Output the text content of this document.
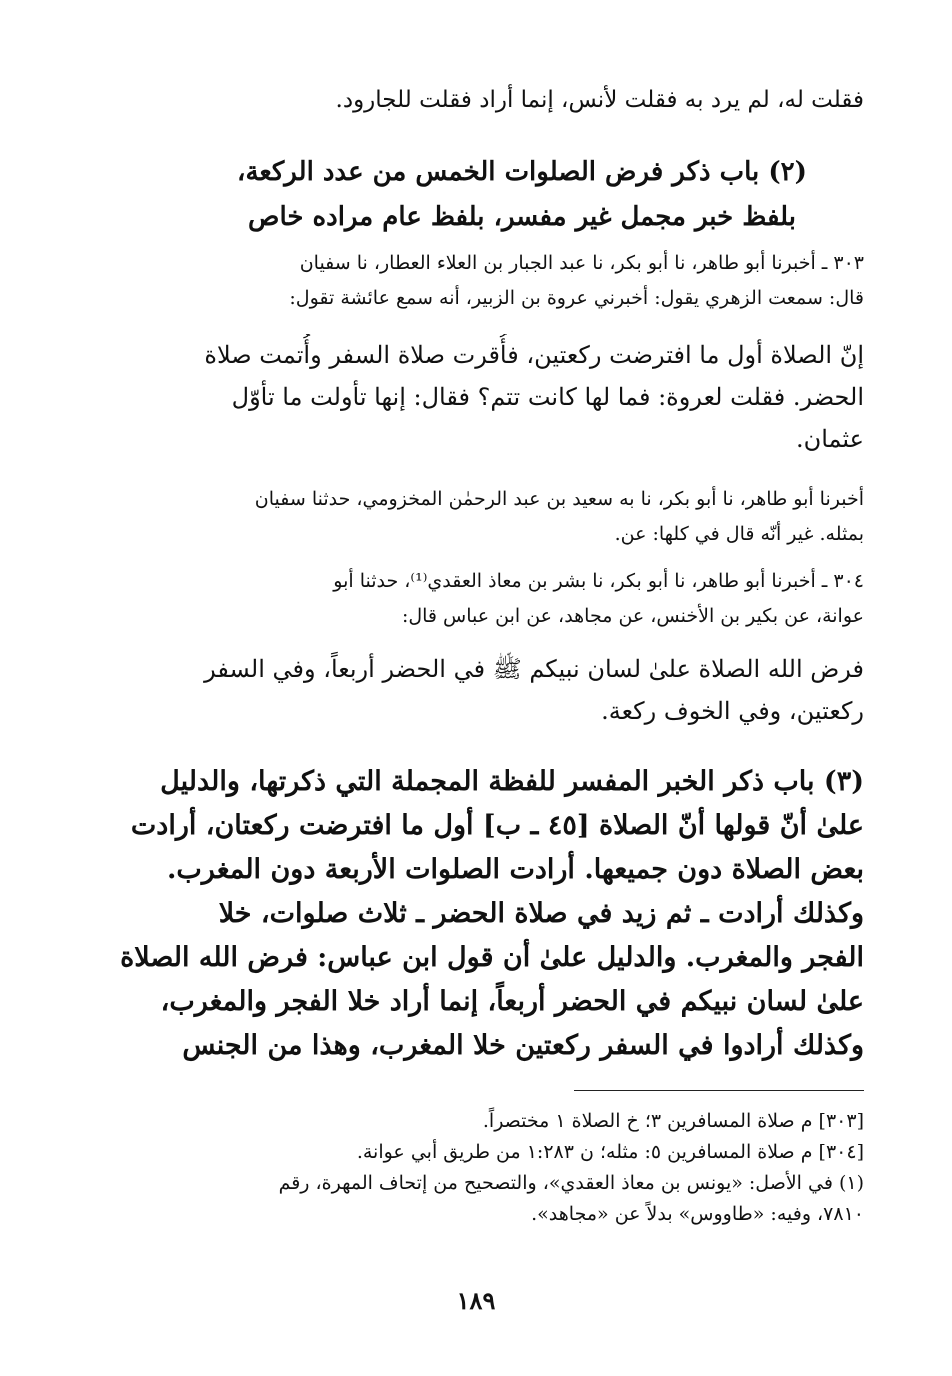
فقلت له، لم يرد به فقلت لأنس، إنما أراد فقلت للجارود.
(٢) باب ذكر فرض الصلوات الخمس من عدد الركعة،
بلفظ خبر مجمل غير مفسر، بلفظ عام مراده خاص
٣٠٣ ـ أخبرنا أبو طاهر، نا أبو بكر، نا عبد الجبار بن العلاء العطار، نا سفيان
قال: سمعت الزهري يقول: أخبرني عروة بن الزبير، أنه سمع عائشة تقول:
إنّ الصلاة أول ما افترضت ركعتين، فأُقرت صلاة السفر وأُتمت صلاة
الحضر. فقلت لعروة: فما لها كانت تتم؟ فقال: إنها تأولت ما تأوّل
عثمان.
أخبرنا أبو طاهر، نا أبو بكر، نا به سعيد بن عبد الرحمٰن المخزومي، حدثنا سفيان
بمثله. غير أنّه قال في كلها: عن.
٣٠٤ ـ أخبرنا أبو طاهر، نا أبو بكر، نا بشر بن معاذ العقدي⁽¹⁾، حدثنا أبو
عوانة، عن بكير بن الأخنس، عن مجاهد، عن ابن عباس قال:
فرض الله الصلاة علىٰ لسان نبيكم ﷺ في الحضر أربعاً، وفي السفر
ركعتين، وفي الخوف ركعة.
(٣) باب ذكر الخبر المفسر للفظة المجملة التي ذكرتها، والدليل
علىٰ أنّ قولها أنّ الصلاة [٤٥ ـ ب] أول ما افترضت ركعتان، أرادت
بعض الصلاة دون جميعها. أرادت الصلوات الأربعة دون المغرب.
وكذلك أرادت ـ ثم زيد في صلاة الحضر ـ ثلاث صلوات، خلا
الفجر والمغرب. والدليل علىٰ أن قول ابن عباس: فرض الله الصلاة
علىٰ لسان نبيكم في الحضر أربعاً، إنما أراد خلا الفجر والمغرب،
وكذلك أرادوا في السفر ركعتين خلا المغرب، وهذا من الجنس
[٣٠٣] م صلاة المسافرين ٣؛ خ الصلاة ١ مختصراً.
[٣٠٤] م صلاة المسافرين ٥: مثله؛ ن ١:٢٨٣ من طريق أبي عوانة.
(١) في الأصل: «يونس بن معاذ العقدي»، والتصحيح من إتحاف المهرة، رقم
٧٨١٠، وفيه: «طاووس» بدلاً عن «مجاهد».
١٨٩
